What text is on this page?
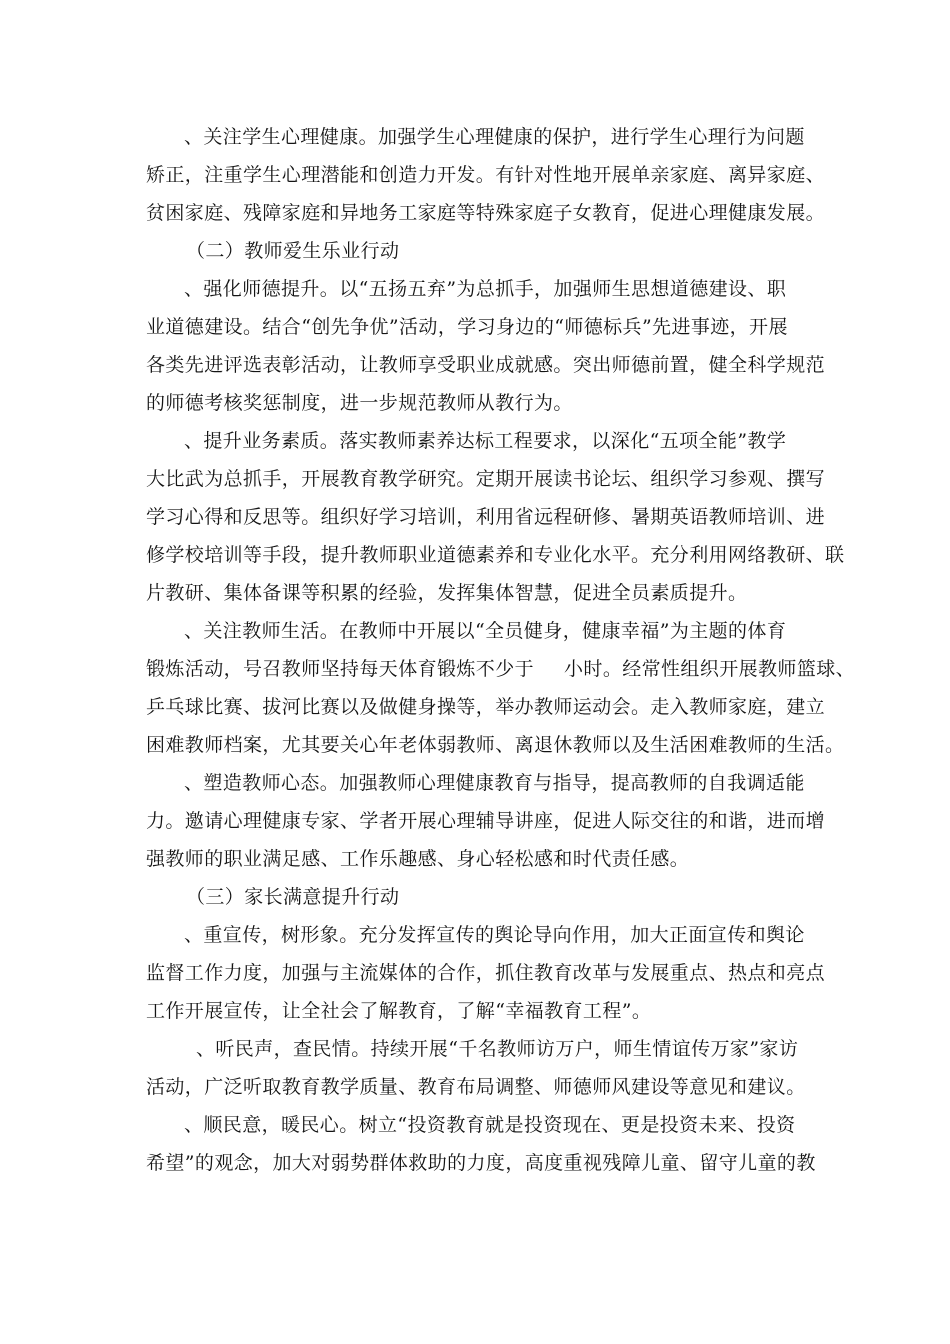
、关注学生心理健康。加强学生心理健康的保护，进行学生心理行为问题
矫正，注重学生心理潜能和创造力开发。有针对性地开展单亲家庭、离异家庭、
贫困家庭、残障家庭和异地务工家庭等特殊家庭子女教育，促进心理健康发展。
（二）教师爱生乐业行动
、强化师德提升。以“五扬五弃”为总抓手，加强师生思想道德建设、职
业道德建设。结合“创先争优”活动，学习身边的“师德标兵”先进事迹，开展
各类先进评选表彰活动，让教师享受职业成就感。突出师德前置，健全科学规范
的师德考核奖惩制度，进一步规范教师从教行为。
、提升业务素质。落实教师素养达标工程要求，以深化“五项全能”教学
大比武为总抓手，开展教育教学研究。定期开展读书论坛、组织学习参观、撰写
学习心得和反思等。组织好学习培训，利用省远程研修、暑期英语教师培训、进
修学校培训等手段，提升教师职业道德素养和专业化水平。充分利用网络教研、联
片教研、集体备课等积累的经验，发挥集体智慧，促进全员素质提升。
、关注教师生活。在教师中开展以“全员健身，健康幸福”为主题的体育
锻炼活动，号召教师坚持每天体育锻炼不少于 小时。经常性组织开展教师篮球、
乒乓球比赛、拔河比赛以及做健身操等，举办教师运动会。走入教师家庭，建立
困难教师档案，尤其要关心年老体弱教师、离退休教师以及生活困难教师的生活。
、塑造教师心态。加强教师心理健康教育与指导，提高教师的自我调适能
力。邀请心理健康专家、学者开展心理辅导讲座，促进人际交往的和谐，进而增
强教师的职业满足感、工作乐趣感、身心轻松感和时代责任感。
（三）家长满意提升行动
、重宣传，树形象。充分发挥宣传的舆论导向作用，加大正面宣传和舆论
监督工作力度，加强与主流媒体的合作，抓住教育改革与发展重点、热点和亮点
工作开展宣传，让全社会了解教育，了解“幸福教育工程”。
、听民声，查民情。持续开展“千名教师访万户，师生情谊传万家”家访
活动，广泛听取教育教学质量、教育布局调整、师德师风建设等意见和建议。
、顺民意，暖民心。树立“投资教育就是投资现在、更是投资未来、投资
希望”的观念，加大对弱势群体救助的力度，高度重视残障儿童、留守儿童的教
